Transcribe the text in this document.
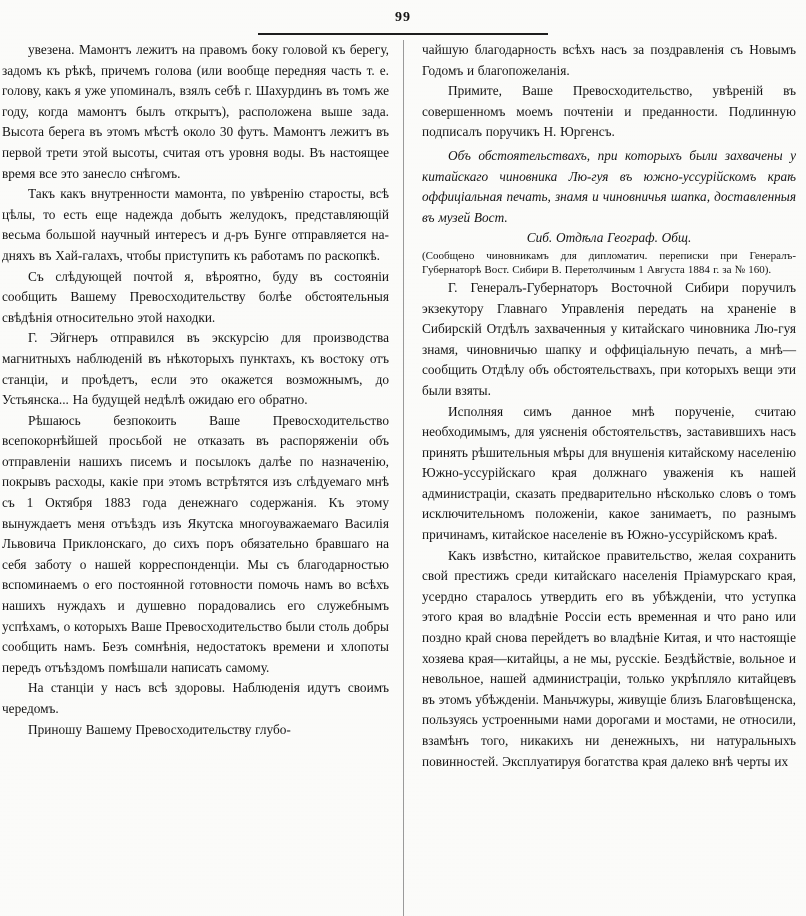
99

увезена. Мамонтъ лежитъ на правомъ боку головой къ берегу, задомъ къ рѣкѣ, причемъ голова (или вообще передняя часть т. е. голову, какъ я уже упоминалъ, взялъ себѣ г. Шахурдинъ въ томъ же году, когда мамонтъ былъ открытъ), расположена выше зада. Высота берега въ этомъ мѣстѣ около 30 футъ. Мамонтъ лежитъ въ первой трети этой высоты, считая отъ уровня воды. Въ настоящее время все это занесло снѣгомъ.

Такъ какъ внутренности мамонта, по увѣренію старосты, всѣ цѣлы, то есть еще надежда добыть желудокъ, представляющій весьма большой научный интересъ и д-ръ Бунге отправляется на-дняхъ въ Хай-галахъ, чтобы приступить къ работамъ по раскопкѣ.

Съ слѣдующей почтой я, вѣроятно, буду въ состояніи сообщить Вашему Превосходительству болѣе обстоятельныя свѣдѣнія относительно этой находки.

Г. Эйгнеръ отправился въ экскурсію для производства магнитныхъ наблюденій въ нѣкоторыхъ пунктахъ, къ востоку отъ станціи, и проѣдетъ, если это окажется возможнымъ, до Устьянска... На будущей недѣлѣ ожидаю его обратно.

Рѣшаюсь безпокоить Ваше Превосходительство всепокорнѣйшей просьбой не отказать въ распоряженіи объ отправленіи нашихъ писемъ и посылокъ далѣе по назначенію, покрывъ расходы, какіе при этомъ встрѣтятся изъ слѣдуемаго мнѣ съ 1 Октября 1883 года денежнаго содержанія. Къ этому вынуждаетъ меня отъѣздъ изъ Якутска многоуважаемаго Василія Львовича Приклонскаго, до сихъ поръ обязательно бравшаго на себя заботу о нашей корреспонденціи. Мы съ благодарностью вспоминаемъ о его постоянной готовности помочь намъ во всѣхъ нашихъ нуждахъ и душевно порадовались его служебнымъ успѣхамъ, о которыхъ Ваше Превосходительство были столь добры сообщить намъ. Безъ сомнѣнія, недостатокъ времени и хлопоты передъ отъѣздомъ помѣшали написать самому.

На станціи у насъ всѣ здоровы. Наблюденія идутъ своимъ чередомъ.

Приношу Вашему Превосходительству глубо-

чайшую благодарность всѣхъ насъ за поздравленія съ Новымъ Годомъ и благопожеланія.

Примите, Ваше Превосходительство, увѣреній въ совершенномъ моемъ почтеніи и преданности. Подлинную подписалъ поручикъ Н. Юргенсъ.

Объ обстоятельствахъ, при которыхъ были захвачены у китайскаго чиновника Лю-гуя въ южно-уссурійскомъ краѣ оффиціальная печать, знамя и чиновничья шапка, доставленныя въ музей Вост.

Сиб. Отдѣла Географ. Общ.

(Сообщено чиновникамъ для дипломатич. переписки при Генералъ-Губернаторѣ Вост. Сибири В. Перетолчиным 1 Августа 1884 г. за № 160).

Г. Генералъ-Губернаторъ Восточной Сибири поручилъ экзекутору Главнаго Управленія передать на храненіе в Сибирскій Отдѣлъ захваченныя у китайскаго чиновника Лю-гуя знамя, чиновничью шапку и оффиціальную печать, а мнѣ—сообщить Отдѣлу объ обстоятельствахъ, при которыхъ вещи эти были взяты.

Исполняя симъ данное мнѣ порученіе, считаю необходимымъ, для уясненія обстоятельствъ, заставившихъ насъ принять рѣшительныя мѣры для внушенія китайскому населенію Южно-уссурійскаго края должнаго уваженія къ нашей администраціи, сказать предварительно нѣсколько словъ о томъ исключительномъ положеніи, какое занимаетъ, по разнымъ причинамъ, китайское населеніе въ Южно-уссурійскомъ краѣ.

Какъ извѣстно, китайское правительство, желая сохранить свой престижъ среди китайскаго населенія Пріамурскаго края, усердно старалось утвердить его въ убѣжденіи, что уступка этого края во владѣніе Россіи есть временная и что рано или поздно край снова перейдетъ во владѣніе Китая, и что настоящіе хозяева края—китайцы, а не мы, русскіе. Бездѣйствіе, вольное и невольное, нашей администраціи, только укрѣпляло китайцевъ въ этомъ убѣжденіи. Маньчжуры, живущіе близъ Благовѣщенска, пользуясь устроенными нами дорогами и мостами, не относили, взамѣнъ того, никакихъ ни денежныхъ, ни натуральныхъ повинностей. Эксплуатируя богатства края далеко внѣ черты их
